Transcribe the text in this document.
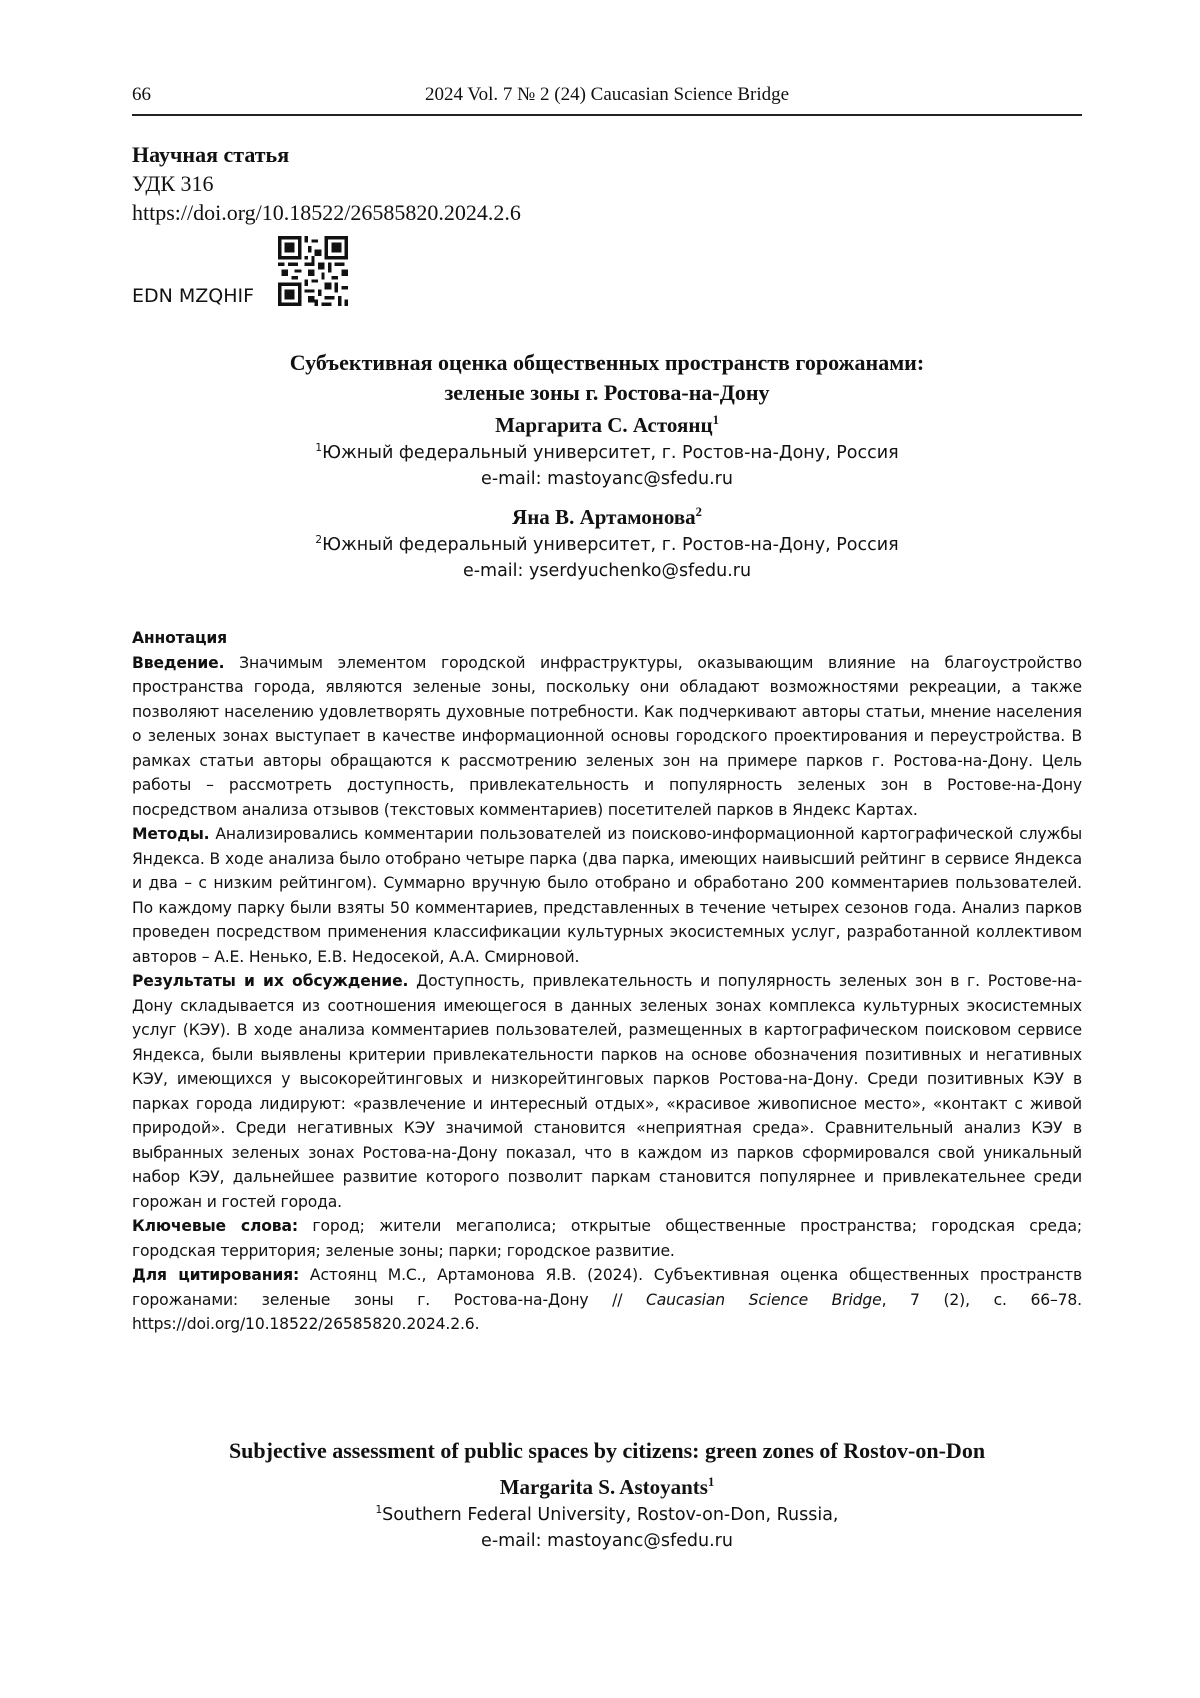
66	2024 Vol. 7 № 2 (24) Caucasian Science Bridge
Научная статья
УДК 316
https://doi.org/10.18522/26585820.2024.2.6
EDN MZQHIF
Субъективная оценка общественных пространств горожанами:
зеленые зоны г. Ростова-на-Дону
Маргарита С. Астоянц$^1$
$^1$Южный федеральный университет, г. Ростов-на-Дону, Россия
e-mail: mastoyanc@sfedu.ru
Яна В. Артамонова$^2$
$^2$Южный федеральный университет, г. Ростов-на-Дону, Россия
e-mail: yserdyuchenko@sfedu.ru
Аннотация

Введение. Значимым элементом городской инфраструктуры, оказывающим влияние на благоустройство пространства города, являются зеленые зоны, поскольку они обладают возможностями рекреации, а также позволяют населению удовлетворять духовные потребности. Как подчеркивают авторы статьи, мнение населения о зеленых зонах выступает в качестве информационной основы городского проектирования и переустройства. В рамках статьи авторы обращаются к рассмотрению зеленых зон на примере парков г. Ростова-на-Дону. Цель работы – рассмотреть доступность, привлекательность и популярность зеленых зон в Ростове-на-Дону посредством анализа отзывов (текстовых комментариев) посетителей парков в Яндекс Картах.

Методы. Анализировались комментарии пользователей из поисково-информационной картографической службы Яндекса. В ходе анализа было отобрано четыре парка (два парка, имеющих наивысший рейтинг в сервисе Яндекса и два – с низким рейтингом). Суммарно вручную было отобрано и обработано 200 комментариев пользователей. По каждому парку были взяты 50 комментариев, представленных в течение четырех сезонов года. Анализ парков проведен посредством применения классификации культурных экосистемных услуг, разработанной коллективом авторов – А.Е. Ненько, Е.В. Недосекой, А.А. Смирновой.

Результаты и их обсуждение. Доступность, привлекательность и популярность зеленых зон в г. Ростове-на-Дону складывается из соотношения имеющегося в данных зеленых зонах комплекса культурных экосистемных услуг (КЭУ). В ходе анализа комментариев пользователей, размещенных в картографическом поисковом сервисе Яндекса, были выявлены критерии привлекательности парков на основе обозначения позитивных и негативных КЭУ, имеющихся у высокорейтинговых и низкорейтинговых парков Ростова-на-Дону. Среди позитивных КЭУ в парках города лидируют: «развлечение и интересный отдых», «красивое живописное место», «контакт с живой природой». Среди негативных КЭУ значимой становится «неприятная среда». Сравнительный анализ КЭУ в выбранных зеленых зонах Ростова-на-Дону показал, что в каждом из парков сформировался свой уникальный набор КЭУ, дальнейшее развитие которого позволит паркам становится популярнее и привлекательнее среди горожан и гостей города.

Ключевые слова: город; жители мегаполиса; открытые общественные пространства; городская среда; городская территория; зеленые зоны; парки; городское развитие.

Для цитирования: Астоянц М.С., Артамонова Я.В. (2024). Субъективная оценка общественных пространств горожанами: зеленые зоны г. Ростова-на-Дону // Caucasian Science Bridge, 7 (2), с. 66–78. https://doi.org/10.18522/26585820.2024.2.6.

Subjective assessment of public spaces by citizens: green zones of Rostov-on-Don
Margarita S. Astoyants$^1$
$^1$Southern Federal University, Rostov-on-Don, Russia,
e-mail: mastoyanc@sfedu.ru
